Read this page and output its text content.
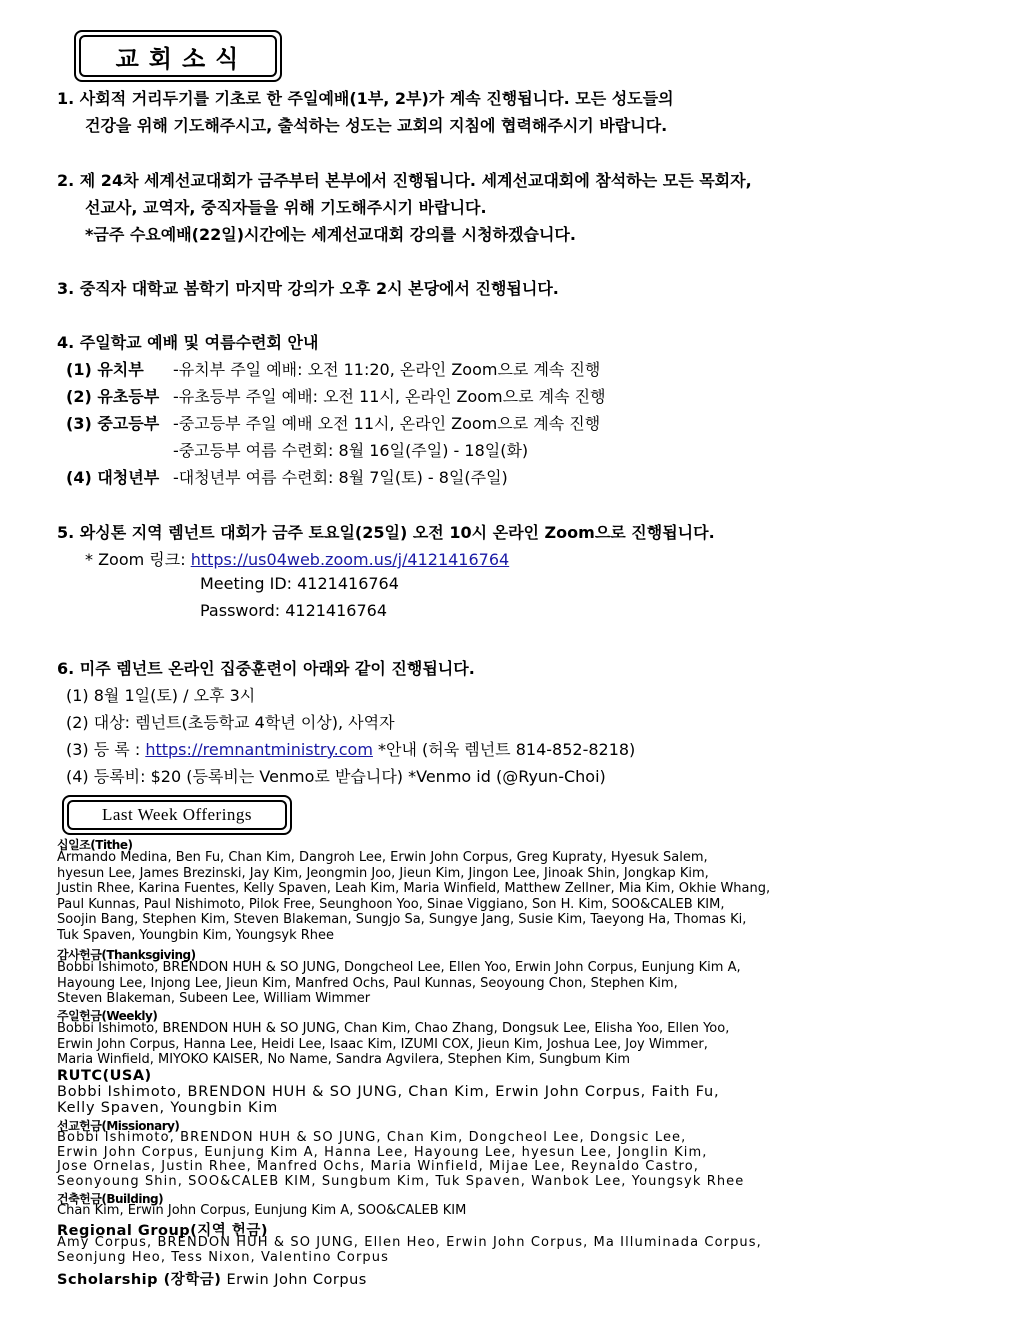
교회소식
1. 사회적 거리두기를 기초로 한 주일예배(1부, 2부)가 계속 진행됩니다. 모든 성도들의
건강을 위해 기도해주시고, 출석하는 성도는 교회의 지침에 협력해주시기 바랍니다.
2. 제 24차 세계선교대회가 금주부터 본부에서 진행됩니다. 세계선교대회에 참석하는 모든 목회자,
선교사, 교역자, 중직자들을 위해 기도해주시기 바랍니다.
*금주 수요예배(22일)시간에는 세계선교대회 강의를 시청하겠습니다.
3. 중직자 대학교 봄학기 마지막 강의가 오후 2시 본당에서 진행됩니다.
4. 주일학교 예배 및 여름수련회 안내
(1) 유치부 -유치부 주일 예배: 오전 11:20, 온라인 Zoom으로 계속 진행
(2) 유초등부 -유초등부 주일 예배: 오전 11시, 온라인 Zoom으로 계속 진행
(3) 중고등부 -중고등부 주일 예배 오전 11시, 온라인 Zoom으로 계속 진행
-중고등부 여름 수련회: 8월 16일(주일) - 18일(화)
(4) 대청년부 -대청년부 여름 수련회: 8월 7일(토) - 8일(주일)
5. 와싱톤 지역 렘넌트 대회가 금주 토요일(25일) 오전 10시 온라인 Zoom으로 진행됩니다.
* Zoom 링크: https://us04web.zoom.us/j/4121416764
Meeting ID: 4121416764
Password: 4121416764
6. 미주 렘넌트 온라인 집중훈련이 아래와 같이 진행됩니다.
(1) 8월 1일(토) / 오후 3시
(2) 대상: 렘넌트(초등학교 4학년 이상), 사역자
(3) 등 록 : https://remnantministry.com *안내 (허욱 렘넌트 814-852-8218)
(4) 등록비: $20 (등록비는 Venmo로 받습니다) *Venmo id (@Ryun-Choi)
Last Week Offerings
십일조(Tithe)
Armando Medina, Ben Fu, Chan Kim, Dangroh Lee, Erwin John Corpus, Greg Kupraty, Hyesuk Salem,
hyesun Lee, James Brezinski, Jay Kim, Jeongmin Joo, Jieun Kim, Jingon Lee, Jinoak Shin, Jongkap Kim,
Justin Rhee, Karina Fuentes, Kelly Spaven, Leah Kim, Maria Winfield, Matthew Zellner, Mia Kim, Okhie Whang,
Paul Kunnas, Paul Nishimoto, Pilok Free, Seunghoon Yoo, Sinae Viggiano, Son H. Kim, SOO&CALEB KIM,
Soojin Bang, Stephen Kim, Steven Blakeman, Sungjo Sa, Sungye Jang, Susie Kim, Taeyong Ha, Thomas Ki,
Tuk Spaven, Youngbin Kim, Youngsyk Rhee
감사헌금(Thanksgiving)
Bobbi Ishimoto, BRENDON HUH & SO JUNG, Dongcheol Lee, Ellen Yoo, Erwin John Corpus, Eunjung Kim A,
Hayoung Lee, Injong Lee, Jieun Kim, Manfred Ochs, Paul Kunnas, Seoyoung Chon, Stephen Kim,
Steven Blakeman, Subeen Lee, William Wimmer
주일헌금(Weekly)
Bobbi Ishimoto, BRENDON HUH & SO JUNG, Chan Kim, Chao Zhang, Dongsuk Lee, Elisha Yoo, Ellen Yoo,
Erwin John Corpus, Hanna Lee, Heidi Lee, Isaac Kim, IZUMI COX, Jieun Kim, Joshua Lee, Joy Wimmer,
Maria Winfield, MIYOKO KAISER, No Name, Sandra Agvilera, Stephen Kim, Sungbum Kim
RUTC(USA)
Bobbi Ishimoto, BRENDON HUH & SO JUNG, Chan Kim, Erwin John Corpus, Faith Fu,
Kelly Spaven, Youngbin Kim
선교헌금(Missionary)
Bobbi Ishimoto, BRENDON HUH & SO JUNG, Chan Kim, Dongcheol Lee, Dongsic Lee,
Erwin John Corpus, Eunjung Kim A, Hanna Lee, Hayoung Lee, hyesun Lee, Jonglin Kim,
Jose Ornelas, Justin Rhee, Manfred Ochs, Maria Winfield, Mijae Lee, Reynaldo Castro,
Seonyoung Shin, SOO&CALEB KIM, Sungbum Kim, Tuk Spaven, Wanbok Lee, Youngsyk Rhee
건축헌금(Building)
Chan Kim, Erwin John Corpus, Eunjung Kim A, SOO&CALEB KIM
Regional Group(지역 헌금)
Amy Corpus, BRENDON HUH & SO JUNG, Ellen Heo, Erwin John Corpus, Ma Illuminada Corpus,
Seonjung Heo, Tess Nixon, Valentino Corpus
Scholarship (장학금) Erwin John Corpus
